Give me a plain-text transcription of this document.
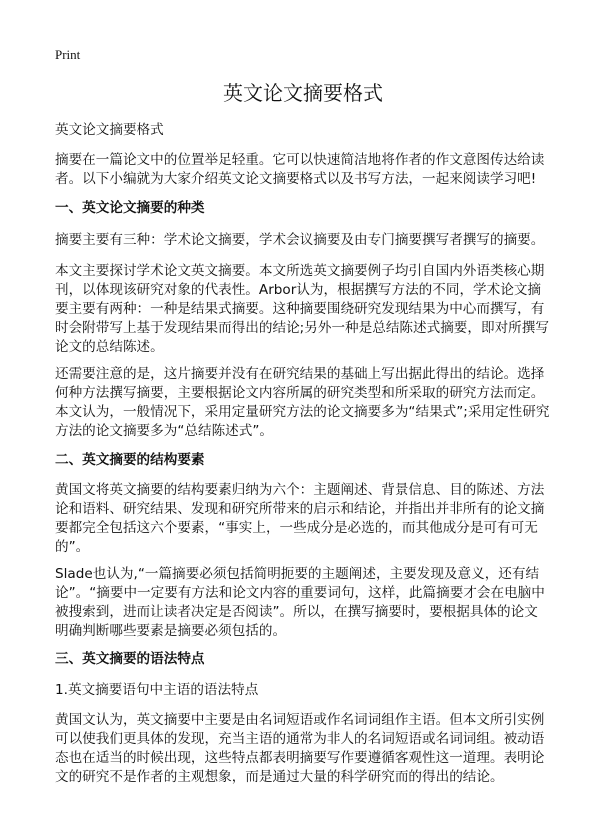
Print
英文论文摘要格式
英文论文摘要格式
摘要在一篇论文中的位置举足轻重。它可以快速简洁地将作者的作文意图传达给读者。以下小编就为大家介绍英文论文摘要格式以及书写方法，一起来阅读学习吧!
一、英文论文摘要的种类
摘要主要有三种：学术论文摘要，学术会议摘要及由专门摘要撰写者撰写的摘要。
本文主要探讨学术论文英文摘要。本文所选英文摘要例子均引自国内外语类核心期刊，以体现该研究对象的代表性。Arbor认为，根据撰写方法的不同，学术论文摘要主要有两种：一种是结果式摘要。这种摘要围绕研究发现结果为中心而撰写，有时会附带写上基于发现结果而得出的结论;另外一种是总结陈述式摘要，即对所撰写论文的总结陈述。
还需要注意的是，这片摘要并没有在研究结果的基础上写出据此得出的结论。选择何种方法撰写摘要，主要根据论文内容所属的研究类型和所采取的研究方法而定。本文认为，一般情况下，采用定量研究方法的论文摘要多为“结果式”;采用定性研究方法的论文摘要多为“总结陈述式”。
二、英文摘要的结构要素
黄国文将英文摘要的结构要素归纳为六个：主题阐述、背景信息、目的陈述、方法论和语料、研究结果、发现和研究所带来的启示和结论，并指出并非所有的论文摘要都完全包括这六个要素，“事实上，一些成分是必选的，而其他成分是可有可无的”。
Slade也认为,“一篇摘要必须包括简明扼要的主题阐述，主要发现及意义，还有结论”。“摘要中一定要有方法和论文内容的重要词句，这样，此篇摘要才会在电脑中被搜索到，进而让读者决定是否阅读”。所以，在撰写摘要时，要根据具体的论文明确判断哪些要素是摘要必须包括的。
三、英文摘要的语法特点
1.英文摘要语句中主语的语法特点
黄国文认为，英文摘要中主要是由名词短语或作名词词组作主语。但本文所引实例可以使我们更具体的发现，充当主语的通常为非人的名词短语或名词词组。被动语态也在适当的时候出现，这些特点都表明摘要写作要遵循客观性这一道理。表明论文的研究不是作者的主观想象，而是通过大量的科学研究而的得出的结论。
